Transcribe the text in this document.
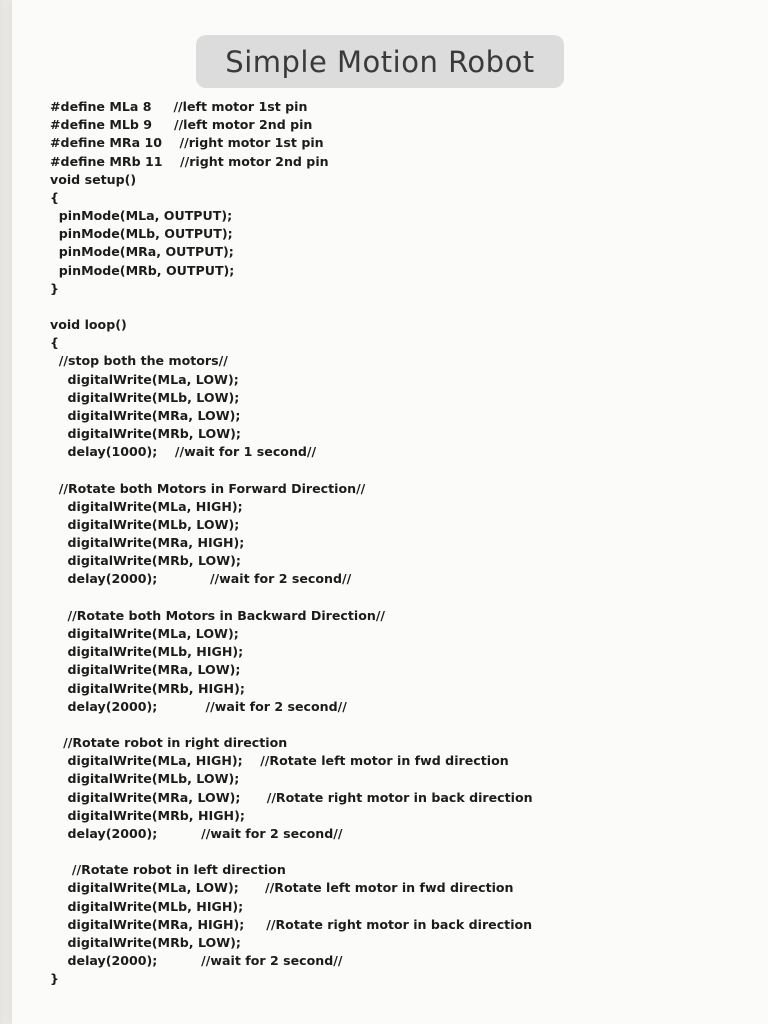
Simple Motion Robot
#define MLa 8     //left motor 1st pin
#define MLb 9     //left motor 2nd pin
#define MRa 10    //right motor 1st pin
#define MRb 11    //right motor 2nd pin
void setup()
{
pinMode(MLa, OUTPUT);
pinMode(MLb, OUTPUT);
pinMode(MRa, OUTPUT);
pinMode(MRb, OUTPUT);
}
void loop()
{
//stop both the motors//
digitalWrite(MLa, LOW);
digitalWrite(MLb, LOW);
digitalWrite(MRa, LOW);
digitalWrite(MRb, LOW);
delay(1000);    //wait for 1 second//
//Rotate both Motors in Forward Direction//
digitalWrite(MLa, HIGH);
digitalWrite(MLb, LOW);
digitalWrite(MRa, HIGH);
digitalWrite(MRb, LOW);
delay(2000);            //wait for 2 second//
//Rotate both Motors in Backward Direction//
digitalWrite(MLa, LOW);
digitalWrite(MLb, HIGH);
digitalWrite(MRa, LOW);
digitalWrite(MRb, HIGH);
delay(2000);           //wait for 2 second//
//Rotate robot in right direction
digitalWrite(MLa, HIGH);    //Rotate left motor in fwd direction
digitalWrite(MLb, LOW);
digitalWrite(MRa, LOW);      //Rotate right motor in back direction
digitalWrite(MRb, HIGH);
delay(2000);          //wait for 2 second//
//Rotate robot in left direction
digitalWrite(MLa, LOW);      //Rotate left motor in fwd direction
digitalWrite(MLb, HIGH);
digitalWrite(MRa, HIGH);     //Rotate right motor in back direction
digitalWrite(MRb, LOW);
delay(2000);          //wait for 2 second//
}
